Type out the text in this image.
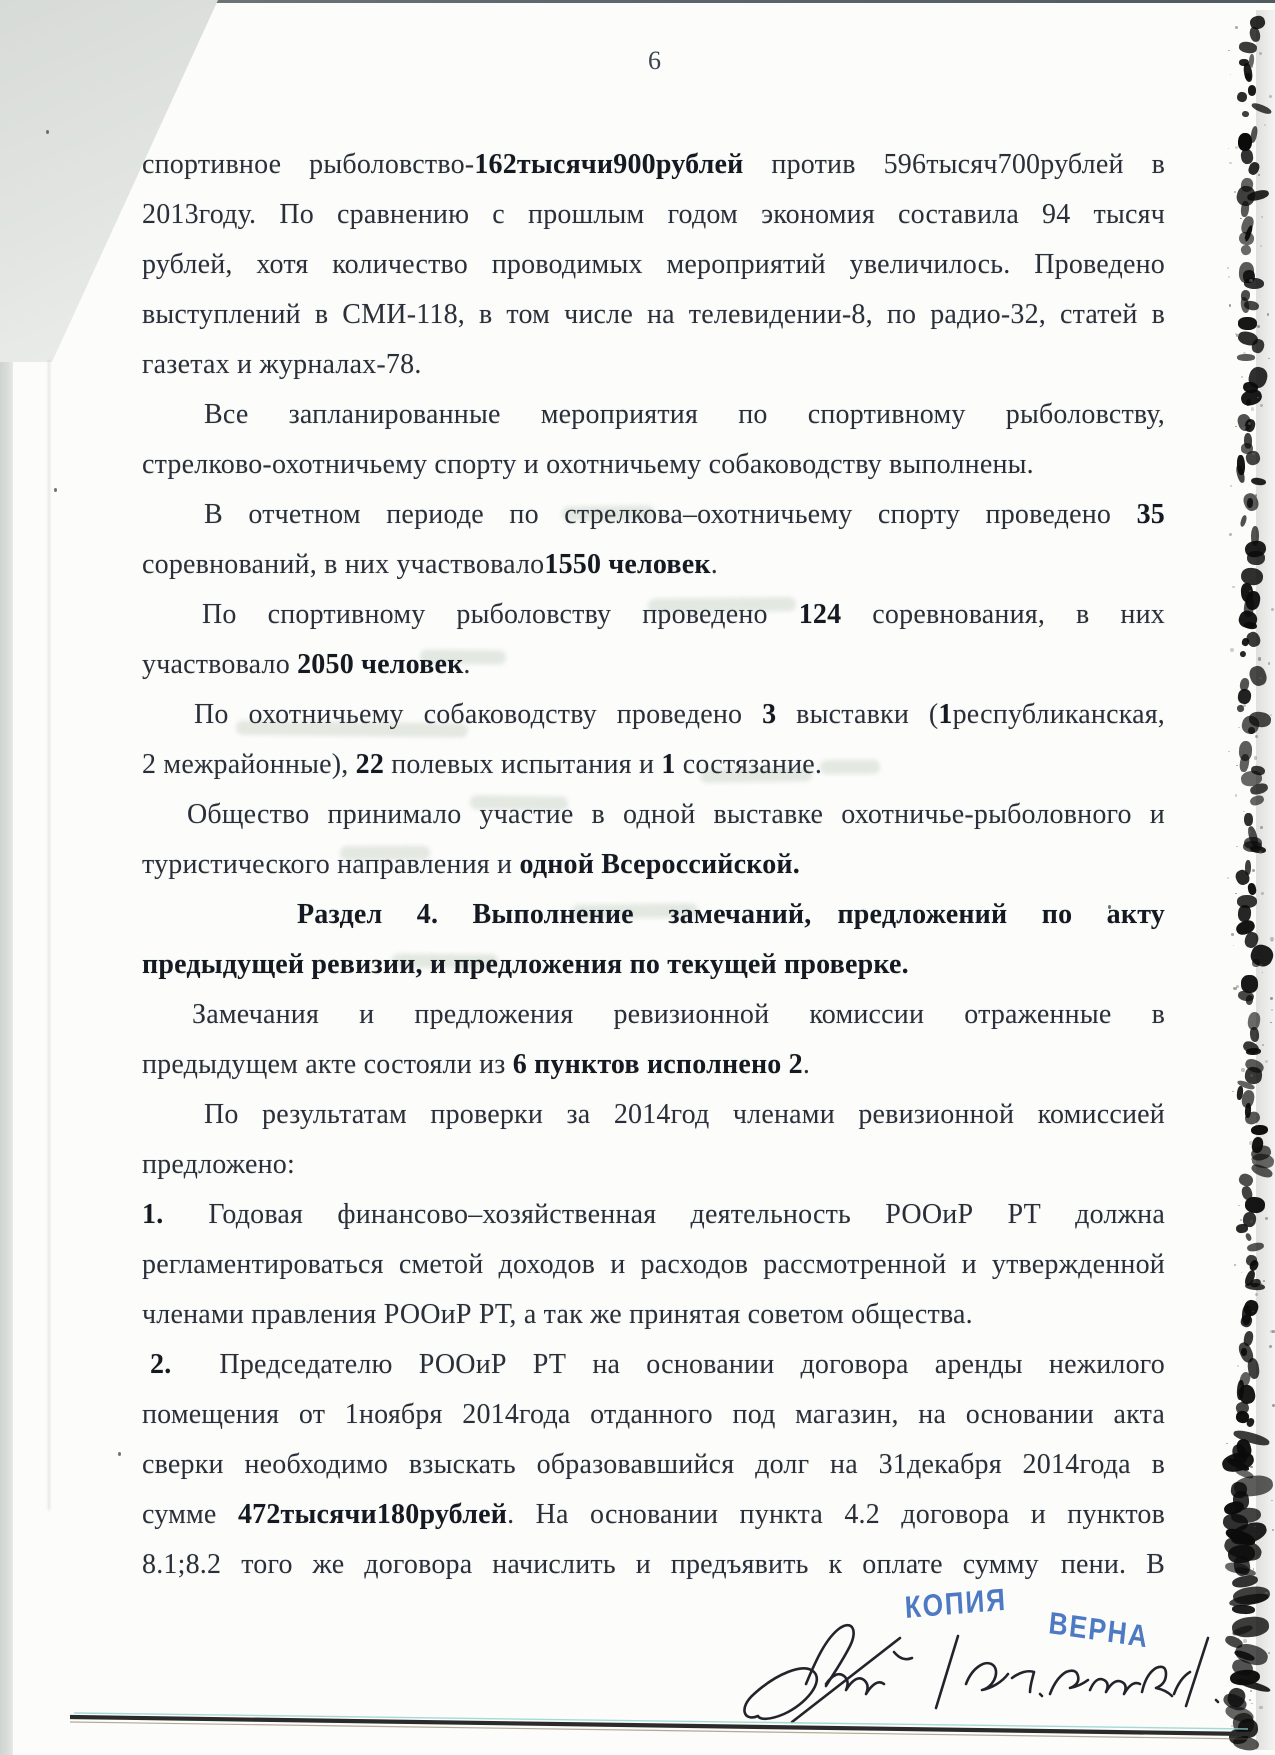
6
спортивное рыболовство-162тысячи900рублей против 596тысяч700рублей в
2013году. По сравнению с прошлым годом экономия составила 94 тысяч
рублей, хотя количество проводимых мероприятий увеличилось. Проведено
выступлений в СМИ-118, в том числе на телевидении-8, по радио-32, статей в
газетах и журналах-78.
Все запланированные мероприятия по спортивному рыболовству,
стрелково-охотничьему спорту и охотничьему собаководству выполнены.
В отчетном периоде по стрелкова–охотничьему спорту проведено 35
соревнований, в них участвовало1550 человек.
По спортивному рыболовству проведено 124 соревнования, в них
участвовало 2050 человек.
По охотничьему собаководству проведено 3 выставки (1республиканская,
2 межрайонные), 22 полевых испытания и 1 состязание.
Общество принимало участие в одной выставке охотничье-рыболовного и
туристического направления и одной Всероссийской.
Раздел 4. Выполнение замечаний, предложений по акту
предыдущей ревизии, и предложения по текущей проверке.
Замечания и предложения ревизионной комиссии отраженные в
предыдущем акте состояли из 6 пунктов исполнено 2.
По результатам проверки за 2014год членами ревизионной комиссией
предложено:
1. Годовая финансово–хозяйственная деятельность РООиР РТ должна
регламентироваться сметой доходов и расходов рассмотренной и утвержденной
членами правления РООиР РТ, а так же принятая советом общества.
2. Председателю РООиР РТ на основании договора аренды нежилого
помещения от 1ноября 2014года отданного под магазин, на основании акта
сверки необходимо взыскать образовавшийся долг на 31декабря 2014года в
сумме 472тысячи180рублей. На основании пункта 4.2 договора и пунктов
8.1;8.2 того же договора начислить и предъявить к оплате сумму пени. В
КОПИЯ ВЕРНА
